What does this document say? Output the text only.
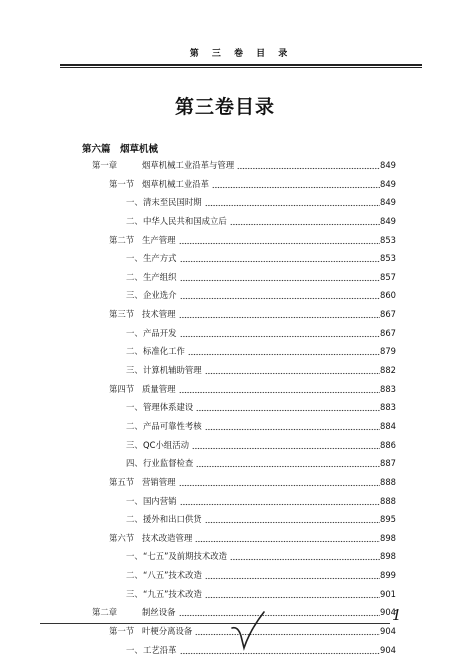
第 三 卷 目 录
第三卷目录
第六篇　烟草机械
第一章	烟草机械工业沿革与管理	849
第一节 烟草机械工业沿革	849
一、 清末至民国时期	849
二、 中华人民共和国成立后	849
第二节 生产管理	853
一、 生产方式	853
二、 生产组织	857
三、 企业选介	860
第三节 技术管理	867
一、 产品开发	867
二、 标准化工作	879
三、 计算机辅助管理	882
第四节 质量管理	883
一、 管理体系建设	883
二、 产品可靠性考核	884
三、 QC小组活动	886
四、 行业监督检查	887
第五节 营销管理	888
一、 国内营销	888
二、 援外和出口供货	895
第六节 技术改造管理	898
一、 “七五”及前期技术改造	898
二、 “八五”技术改造	899
三、 “九五”技术改造	901
第二章	制丝设备	904
第一节 叶梗分离设备	904
一、 工艺沿革	904
1
